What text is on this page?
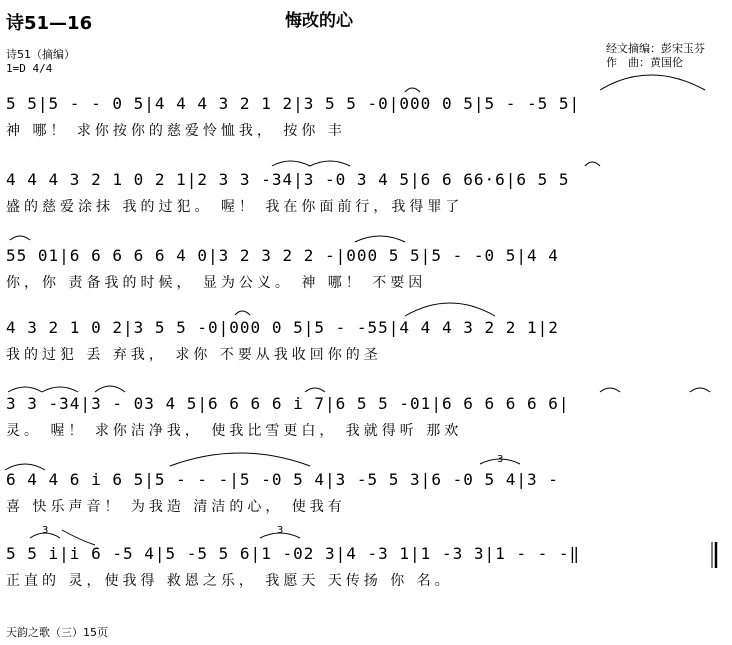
诗51—16	悔改的心
诗51（摘编）
1=D 4/4
经文摘编：彭宋玉芬
作　曲：黄国伦
5 5|5 - - 0 5|4 4 4 3 2 1 2|3 5 5 -0|000 0 5|5 - -5 5|
神 哪！ 求你按你的慈爱怜恤我， 按你 丰
4 4 4 3 2 1 0 2 1|2 3 3 -34|3 -0 3 4 5|6 6 66·6|6 5 5
盛的慈爱涂抹 我的过犯。 喔！ 我在你面前行，我得罪了
55 01|6 6 6 6 6 4 0|3 2 3 2 2 -|000 5 5|5 - -0 5|4 4
你，你 责备我的时候， 显为公义。 神 哪！ 不要因
4 3 2 1 0 2|3 5 5 -0|000 0 5|5 - -55|4 4 4 3 2 2 1|2
我的过犯 丢 弃我， 求你 不要从我收回你的圣
3 3 -34|3 - 03 4 5|6 6 6 6 i 7|6 5 5 -01|6 6 6 6 6 6|
灵。 喔！ 求你洁净我， 使我比雪更白， 我就得听 那欢
6 4 4 6 i 6 5|5 - - -|5 -0 5 4|3 -5 5 3|6 -0 5 4|3 -
喜 快乐声音！ 为我造 清洁的心， 使我有
5 5 i|i 6 -5 4|5 -5 5 6|1 -02 3|4 -3 1|1 -3 3|1 - - -‖
正直的 灵，使我得 救恩之乐， 我愿天 天传扬 你 名。
3
3	3
天韵之歌（三）15页
